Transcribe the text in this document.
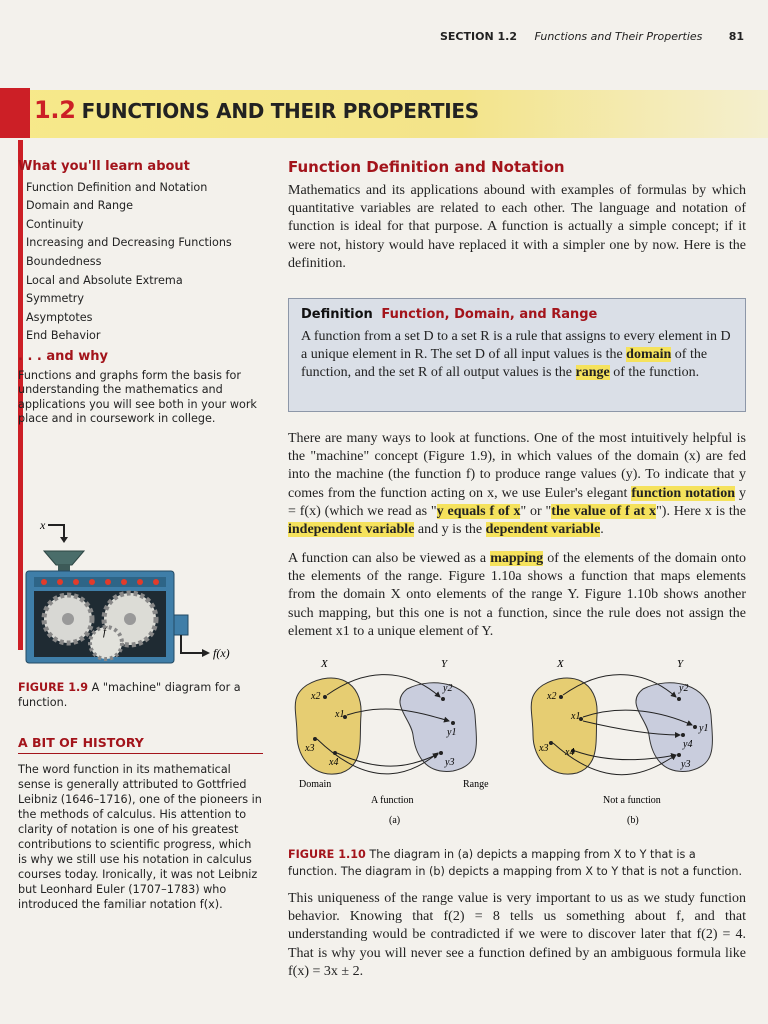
SECTION 1.2 Functions and Their Properties 81
1.2 FUNCTIONS AND THEIR PROPERTIES
What you'll learn about
Function Definition and Notation
Domain and Range
Continuity
Increasing and Decreasing Functions
Boundedness
Local and Absolute Extrema
Symmetry
Asymptotes
End Behavior
. . . and why

Functions and graphs form the basis for understanding the mathematics and applications you will see both in your work place and in coursework in college.

x
f
f(x)
FIGURE 1.9 A "machine" diagram for a function.
A BIT OF HISTORY

The word function in its mathematical sense is generally attributed to Gottfried Leibniz (1646–1716), one of the pioneers in the methods of calculus. His attention to clarity of notation is one of his greatest contributions to scientific progress, which is why we still use his notation in calculus courses today. Ironically, it was not Leibniz but Leonhard Euler (1707–1783) who introduced the familiar notation f(x).

Function Definition and Notation

Mathematics and its applications abound with examples of formulas by which quantitative variables are related to each other. The language and notation of function is ideal for that purpose. A function is actually a simple concept; if it were not, history would have replaced it with a simpler one by now. Here is the definition.

Definition Function, Domain, and Range

A function from a set D to a set R is a rule that assigns to every element in D a unique element in R. The set D of all input values is the domain of the function, and the set R of all output values is the range of the function.

There are many ways to look at functions. One of the most intuitively helpful is the "machine" concept (Figure 1.9), in which values of the domain (x) are fed into the machine (the function f) to produce range values (y). To indicate that y comes from the function acting on x, we use Euler's elegant function notation y = f(x) (which we read as "y equals f of x" or "the value of f at x"). Here x is the independent variable and y is the dependent variable.

A function can also be viewed as a mapping of the elements of the domain onto the elements of the range. Figure 1.10a shows a function that maps elements from the domain X onto elements of the range Y. Figure 1.10b shows another such mapping, but this one is not a function, since the rule does not assign the element x1 to a unique element of Y.

X	Y
x2
x1
x3
x4
y2
y1
y3
Domain	Range
A function
(a)
X	Y
x2
x1
x3 x4
y2
y1
y4
y3
Not a function
(b)
FIGURE 1.10 The diagram in (a) depicts a mapping from X to Y that is a function. The diagram in (b) depicts a mapping from X to Y that is not a function.

This uniqueness of the range value is very important to us as we study function behavior. Knowing that f(2) = 8 tells us something about f, and that understanding would be contradicted if we were to discover later that f(2) = 4. That is why you will never see a function defined by an ambiguous formula like f(x) = 3x ± 2.
